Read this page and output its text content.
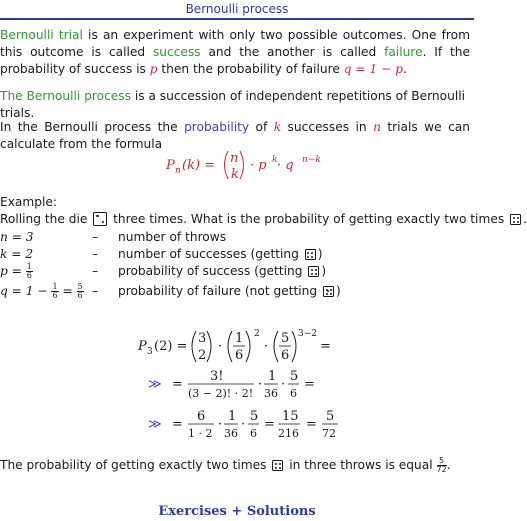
Bernoulli process
Bernoulli trial is an experiment with only two possible outcomes. One from this outcome is called success and the another is called failure. If the probability of success is p then the probability of failure q = 1 − p.
The Bernoulli process is a succession of independent repetitions of Bernoulli trials.
In the Bernoulli process the probability of k successes in n trials we can calculate from the formula
P n (k) = n
k
· p k · q n−k
Example:
Rolling the die
three times. What is the probability of getting exactly two times .
n = 3	– number of throws
k = 2	– number of successes (getting )
$p = \frac{1}{6}$	– probability of success (getting )
$q = 1 - \frac{1}{6} = \frac{5}{6}$ – probability of failure (not getting )
P 3 (2) =
3
2
·
1
6
2
·
5
6
3−2
=
≫ =
3!
(3 − 2)! · 2!
·
1
36
·
5
6
=
≫ =
6
1 · 2
·
1
36
·
5
6
=
15
216
=
5
72
The probability of getting exactly two times
in three throws is equal $\frac{5}{72}$ .
Exercises + Solutions
